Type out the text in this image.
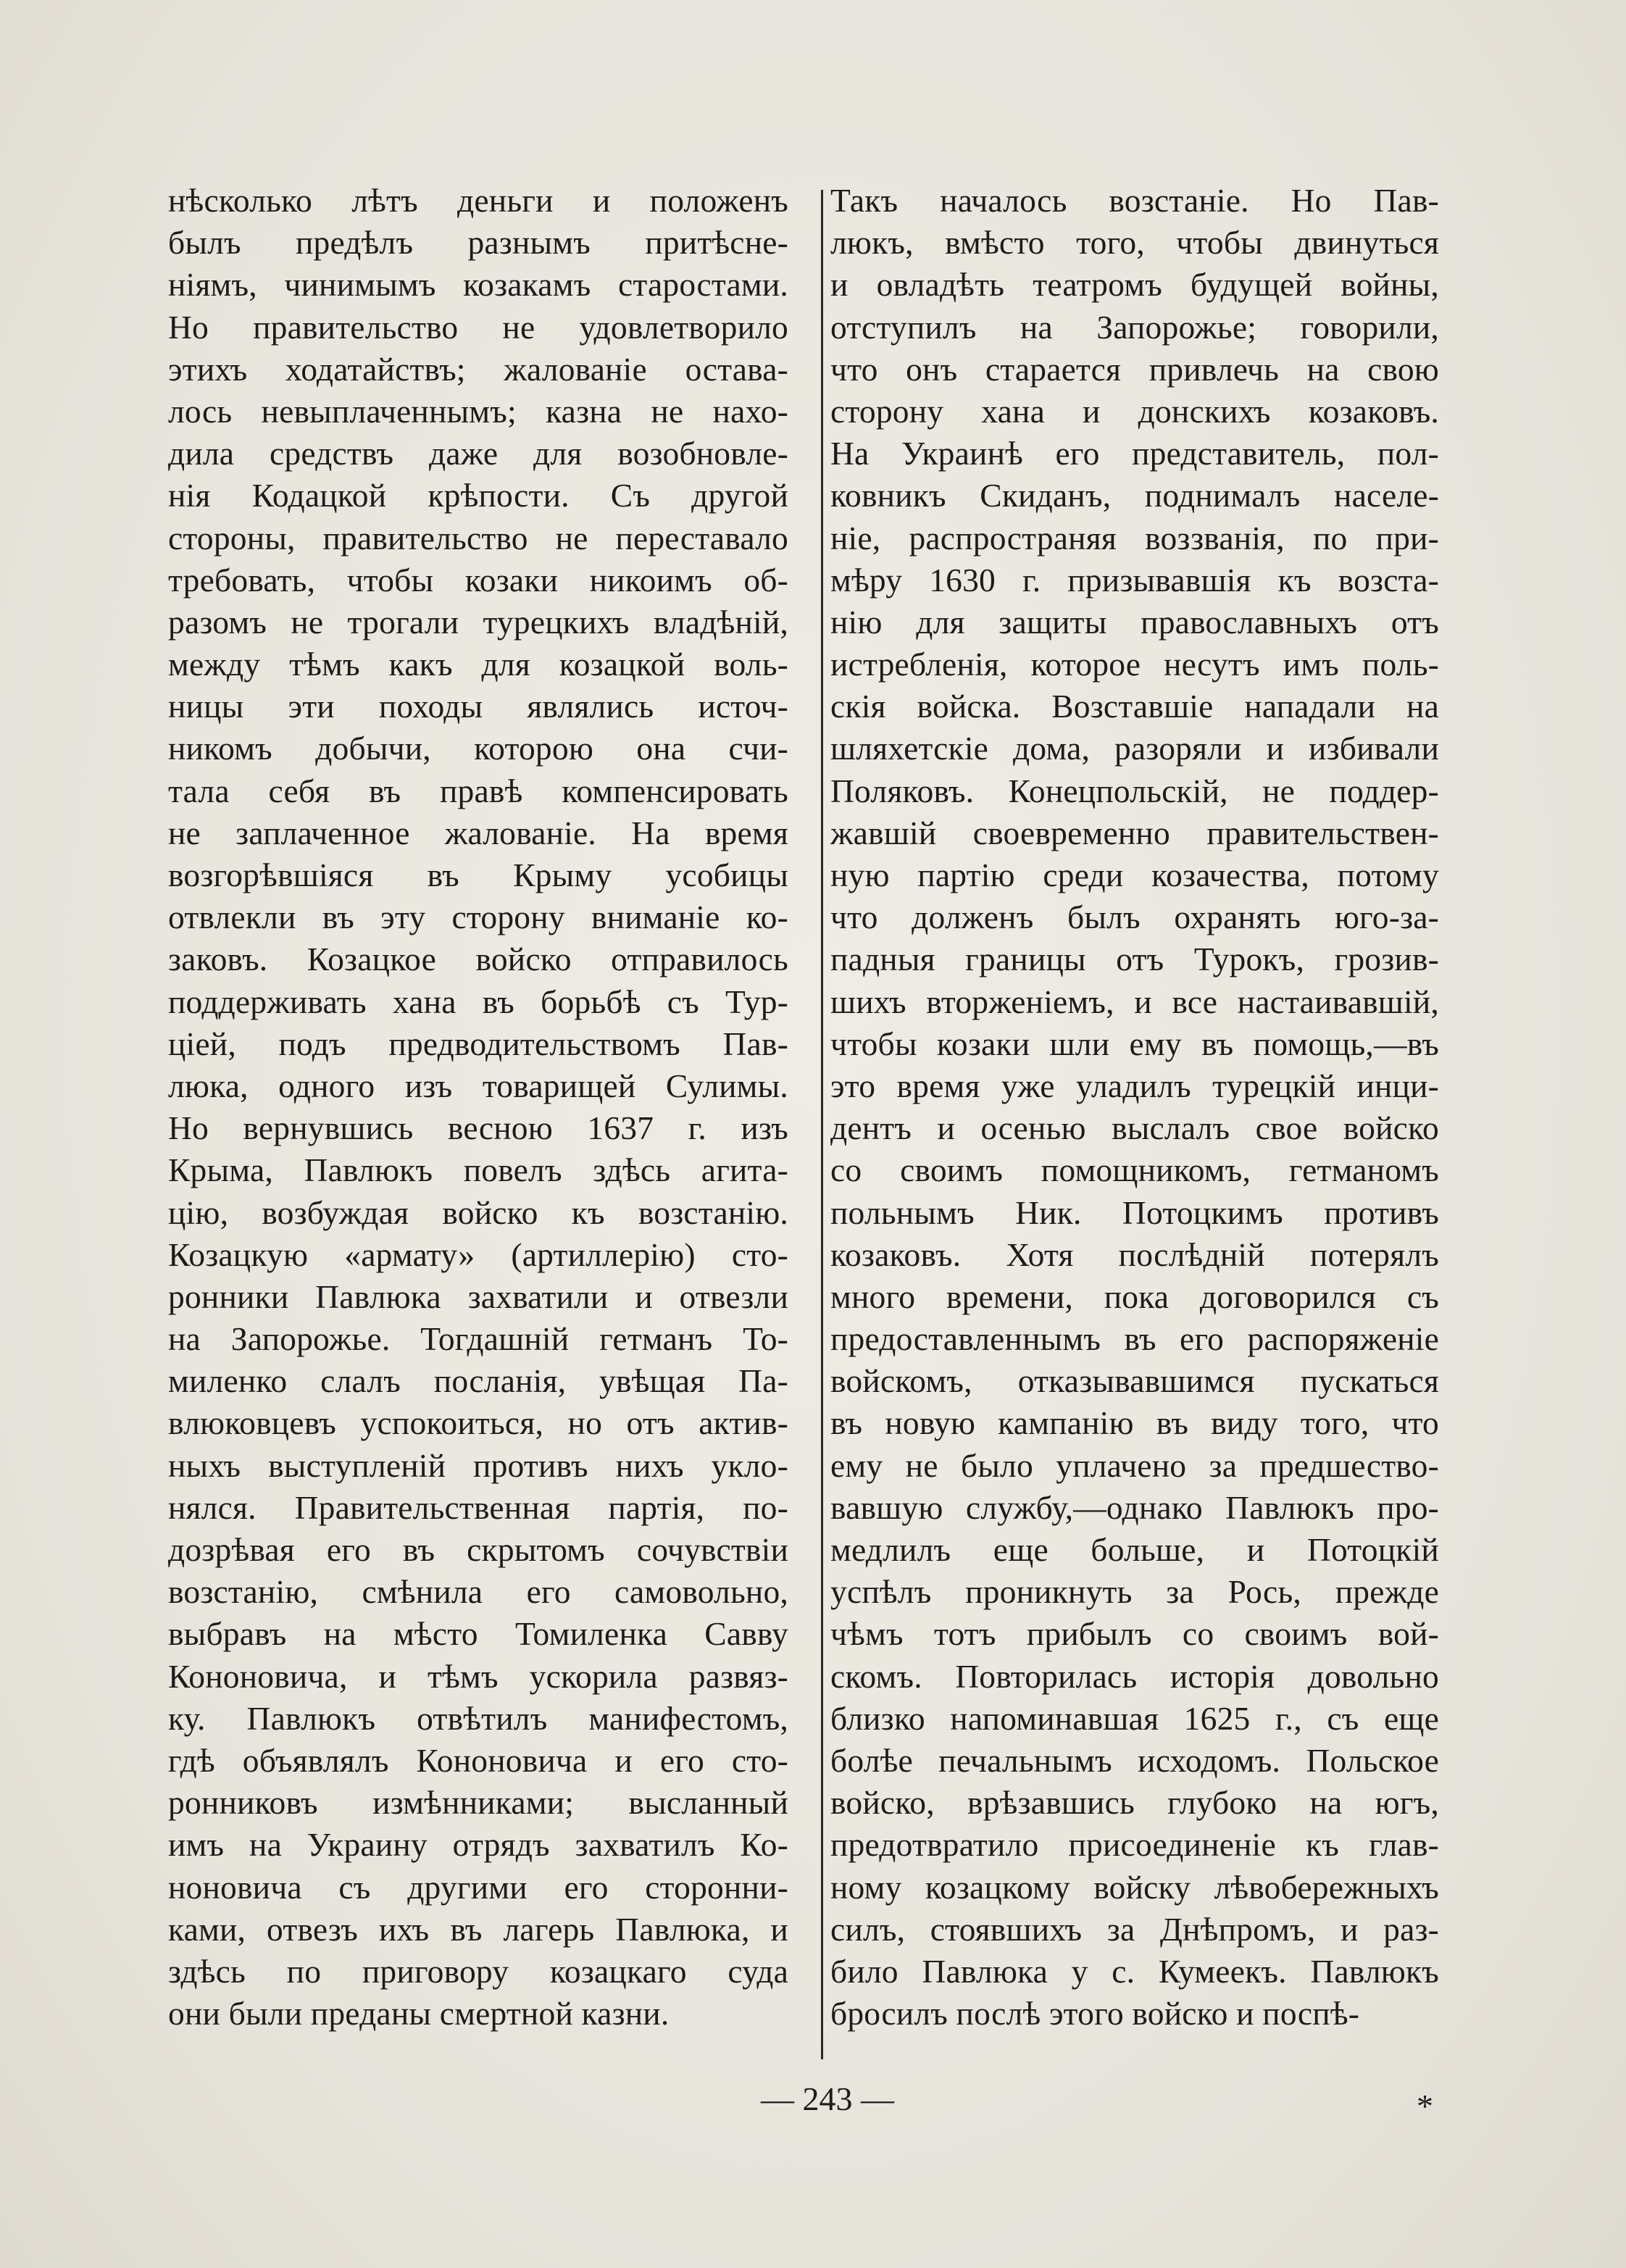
нѣсколько лѣтъ деньги и положенъ
былъ предѣлъ разнымъ притѣсне-
ніямъ, чинимымъ козакамъ старостами.
Но правительство не удовлетворило
этихъ ходатайствъ; жалованіе остава-
лось невыплаченнымъ; казна не нахо-
дила средствъ даже для возобновле-
нія Кодацкой крѣпости. Съ другой
стороны, правительство не переставало
требовать, чтобы козаки никоимъ об-
разомъ не трогали турецкихъ владѣній,
между тѣмъ какъ для козацкой воль-
ницы эти походы являлись источ-
никомъ добычи, которою она счи-
тала себя въ правѣ компенсировать
не заплаченное жалованіе. На время
возгорѣвшіяся въ Крыму усобицы
отвлекли въ эту сторону вниманіе ко-
заковъ. Козацкое войско отправилось
поддерживать хана въ борьбѣ съ Тур-
ціей, подъ предводительствомъ Пав-
люка, одного изъ товарищей Сулимы.
Но вернувшись весною 1637 г. изъ
Крыма, Павлюкъ повелъ здѣсь агита-
цію, возбуждая войско къ возстанію.
Козацкую «армату» (артиллерію) сто-
ронники Павлюка захватили и отвезли
на Запорожье. Тогдашній гетманъ То-
миленко слалъ посланія, увѣщая Па-
влюковцевъ успокоиться, но отъ актив-
ныхъ выступленій противъ нихъ укло-
нялся. Правительственная партія, по-
дозрѣвая его въ скрытомъ сочувствіи
возстанію, смѣнила его самовольно,
выбравъ на мѣсто Томиленка Савву
Кононовича, и тѣмъ ускорила развяз-
ку. Павлюкъ отвѣтилъ манифестомъ,
гдѣ объявлялъ Кононовича и его сто-
ронниковъ измѣнниками; высланный
имъ на Украину отрядъ захватилъ Ко-
ноновича съ другими его сторонни-
ками, отвезъ ихъ въ лагерь Павлюка, и
здѣсь по приговору козацкаго суда
они были преданы смертной казни.
Такъ началось возстаніе. Но Пав-
люкъ, вмѣсто того, чтобы двинуться
и овладѣть театромъ будущей войны,
отступилъ на Запорожье; говорили,
что онъ старается привлечь на свою
сторону хана и донскихъ козаковъ.
На Украинѣ его представитель, пол-
ковникъ Скиданъ, поднималъ населе-
ніе, распространяя воззванія, по при-
мѣру 1630 г. призывавшія къ возста-
нію для защиты православныхъ отъ
истребленія, которое несутъ имъ поль-
скія войска. Возставшіе нападали на
шляхетскіе дома, разоряли и избивали
Поляковъ. Конецпольскій, не поддер-
жавшій своевременно правительствен-
ную партію среди козачества, потому
что долженъ былъ охранять юго-за-
падныя границы отъ Турокъ, грозив-
шихъ вторженіемъ, и все настаивавшій,
чтобы козаки шли ему въ помощь,—въ
это время уже уладилъ турецкій инци-
дентъ и осенью выслалъ свое войско
со своимъ помощникомъ, гетманомъ
польнымъ Ник. Потоцкимъ противъ
козаковъ. Хотя послѣдній потерялъ
много времени, пока договорился съ
предоставленнымъ въ его распоряженіе
войскомъ, отказывавшимся пускаться
въ новую кампанію въ виду того, что
ему не было уплачено за предшество-
вавшую службу,—однако Павлюкъ про-
медлилъ еще больше, и Потоцкій
успѣлъ проникнуть за Рось, прежде
чѣмъ тотъ прибылъ со своимъ вой-
скомъ. Повторилась исторія довольно
близко напоминавшая 1625 г., съ еще
болѣе печальнымъ исходомъ. Польское
войско, врѣзавшись глубоко на югъ,
предотвратило присоединеніе къ глав-
ному козацкому войску лѣвобережныхъ
силъ, стоявшихъ за Днѣпромъ, и раз-
било Павлюка у с. Кумеекъ. Павлюкъ
бросилъ послѣ этого войско и поспѣ-
— 243 —	*
